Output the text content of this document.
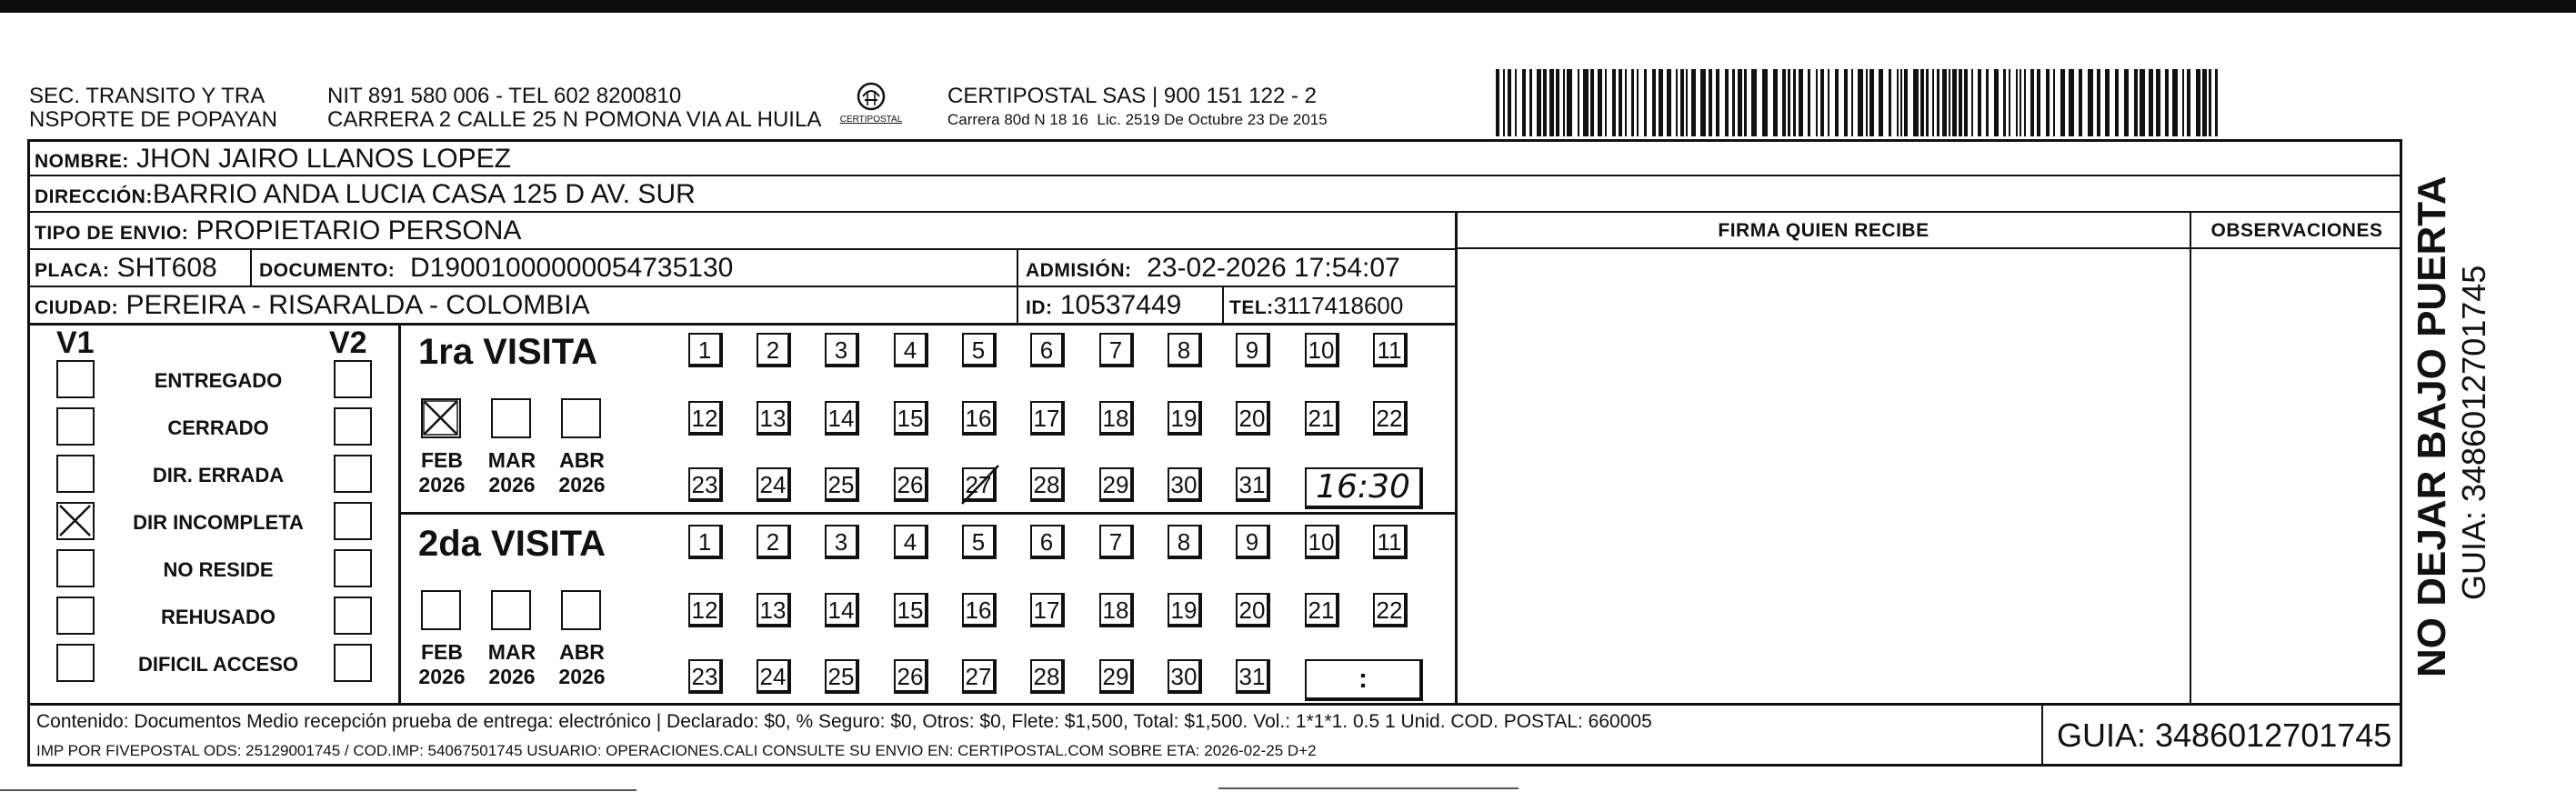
SEC. TRANSITO Y TRA
NSPORTE DE POPAYAN
NIT 891 580 006 - TEL 602 8200810
CARRERA 2 CALLE 25 N POMONA VIA AL HUILA CERTIPOSTAL
CERTIPOSTAL SAS | 900 151 122 - 2
Carrera 80d N 18 16  Lic. 2519 De Octubre 23 De 2015
NOMBRE: JHON JAIRO LLANOS LOPEZ
DIRECCIÓN:BARRIO ANDA LUCIA CASA 125 D AV. SUR
TIPO DE ENVIO: PROPIETARIO PERSONA
PLACA: SHT608 DOCUMENTO: D19001000000054735130	ADMISIÓN: 23-02-2026 17:54:07
CIUDAD: PEREIRA - RISARALDA - COLOMBIA	ID: 10537449	TEL:3117418600
FIRMA QUIEN RECIBE	OBSERVACIONES
V1	V2
ENTREGADO
CERRADO
DIR. ERRADA
DIR INCOMPLETA
NO RESIDE
REHUSADO
DIFICIL ACCESO
1ra VISITA
FEB
2026
MAR
2026
ABR
2026
1	2	3	4	5	6	7	8	9	10 11
12 13 14 15 16 17 18 19 20 21 22
23 24 25 26 27 28 29 30 31	16:30
2da VISITA
FEB
2026
MAR
2026
ABR
2026
1	2	3	4	5	6	7	8	9	10 11
12 13 14 15 16 17 18 19 20 21 22
23 24 25 26 27 28 29 30 31	:
Contenido: Documentos Medio recepción prueba de entrega: electrónico | Declarado: $0, % Seguro: $0, Otros: $0, Flete: $1,500, Total: $1,500. Vol.: 1*1*1. 0.5 1 Unid. COD. POSTAL: 660005
IMP POR FIVEPOSTAL ODS: 25129001745 / COD.IMP: 54067501745 USUARIO: OPERACIONES.CALI CONSULTE SU ENVIO EN: CERTIPOSTAL.COM SOBRE ETA: 2026-02-25 D+2	GUIA: 3486012701745
NO DEJAR BAJO PUERTA GUIA: 3486012701745
